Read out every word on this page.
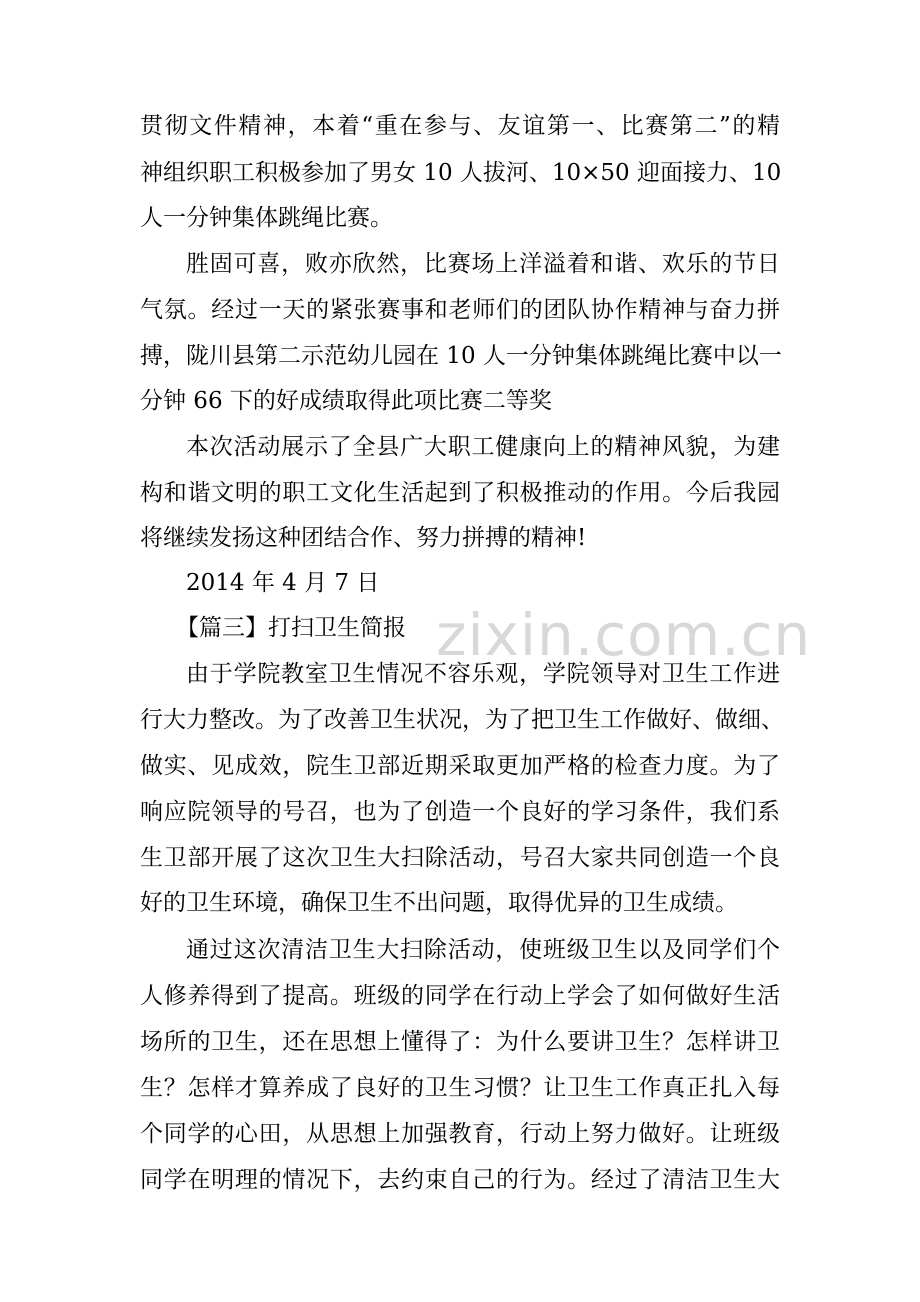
zixin.com.cn
贯彻文件精神，本着“重在参与、友谊第一、比赛第二”的精
神组织职工积极参加了男女 10 人拔河、10×50 迎面接力、10
人一分钟集体跳绳比赛。
胜固可喜，败亦欣然，比赛场上洋溢着和谐、欢乐的节日
气氛。经过一天的紧张赛事和老师们的团队协作精神与奋力拼
搏，陇川县第二示范幼儿园在 10 人一分钟集体跳绳比赛中以一
分钟 66 下的好成绩取得此项比赛二等奖
本次活动展示了全县广大职工健康向上的精神风貌，为建
构和谐文明的职工文化生活起到了积极推动的作用。今后我园
将继续发扬这种团结合作、努力拼搏的精神!
2014 年 4 月 7 日
【篇三】打扫卫生简报
由于学院教室卫生情况不容乐观，学院领导对卫生工作进
行大力整改。为了改善卫生状况，为了把卫生工作做好、做细、
做实、见成效，院生卫部近期采取更加严格的检查力度。为了
响应院领导的号召，也为了创造一个良好的学习条件，我们系
生卫部开展了这次卫生大扫除活动，号召大家共同创造一个良
好的卫生环境，确保卫生不出问题，取得优异的卫生成绩。
通过这次清洁卫生大扫除活动，使班级卫生以及同学们个
人修养得到了提高。班级的同学在行动上学会了如何做好生活
场所的卫生，还在思想上懂得了：为什么要讲卫生？怎样讲卫
生？怎样才算养成了良好的卫生习惯？让卫生工作真正扎入每
个同学的心田，从思想上加强教育，行动上努力做好。让班级
同学在明理的情况下，去约束自己的行为。经过了清洁卫生大
